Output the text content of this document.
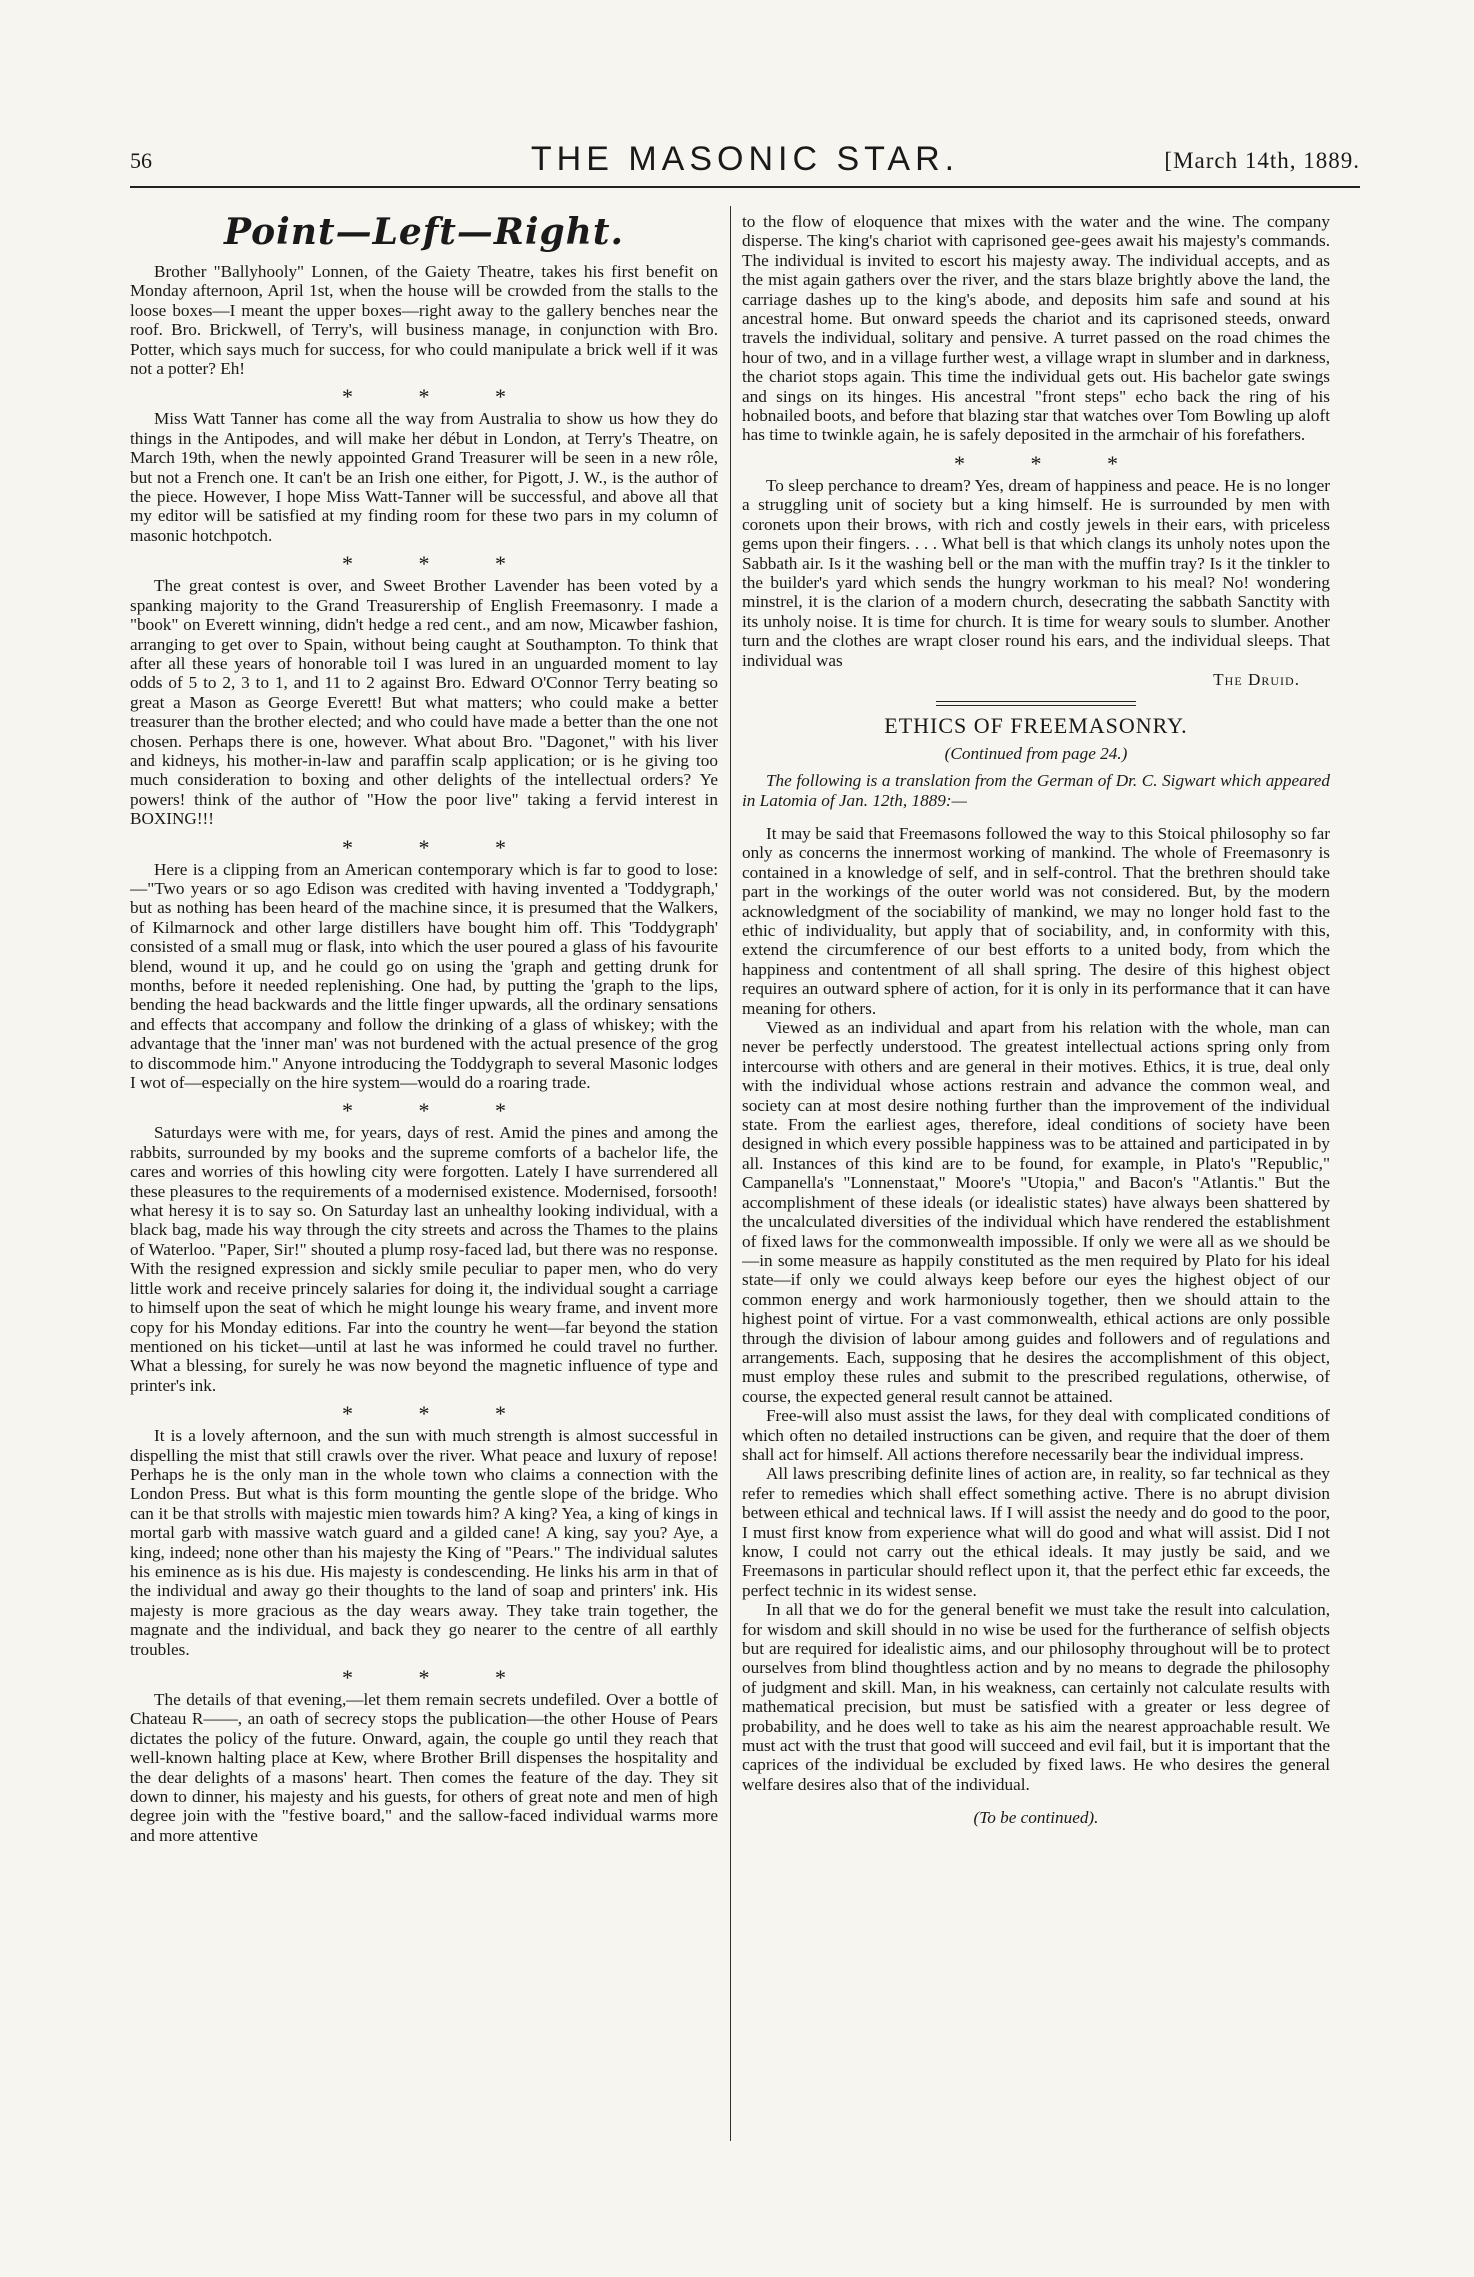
56	THE MASONIC STAR.	[March 14th, 1889.
Point—Left—Right.

Brother "Ballyhooly" Lonnen, of the Gaiety Theatre, takes his first benefit on Monday afternoon, April 1st, when the house will be crowded from the stalls to the loose boxes—I meant the upper boxes—right away to the gallery benches near the roof. Bro. Brickwell, of Terry's, will business manage, in conjunction with Bro. Potter, which says much for success, for who could manipulate a brick well if it was not a potter? Eh!

* * *

Miss Watt Tanner has come all the way from Australia to show us how they do things in the Antipodes, and will make her début in London, at Terry's Theatre, on March 19th, when the newly appointed Grand Treasurer will be seen in a new rôle, but not a French one. It can't be an Irish one either, for Pigott, J. W., is the author of the piece. However, I hope Miss Watt-Tanner will be successful, and above all that my editor will be satisfied at my finding room for these two pars in my column of masonic hotchpotch.

* * *

The great contest is over, and Sweet Brother Lavender has been voted by a spanking majority to the Grand Treasurership of English Freemasonry. I made a "book" on Everett winning, didn't hedge a red cent., and am now, Micawber fashion, arranging to get over to Spain, without being caught at Southampton. To think that after all these years of honorable toil I was lured in an unguarded moment to lay odds of 5 to 2, 3 to 1, and 11 to 2 against Bro. Edward O'Connor Terry beating so great a Mason as George Everett! But what matters; who could make a better treasurer than the brother elected; and who could have made a better than the one not chosen. Perhaps there is one, however. What about Bro. "Dagonet," with his liver and kidneys, his mother-in-law and paraffin scalp application; or is he giving too much consideration to boxing and other delights of the intellectual orders? Ye powers! think of the author of "How the poor live" taking a fervid interest in BOXING!!!

* * *

Here is a clipping from an American contemporary which is far to good to lose:—"Two years or so ago Edison was credited with having invented a 'Toddygraph,' but as nothing has been heard of the machine since, it is presumed that the Walkers, of Kilmarnock and other large distillers have bought him off. This 'Toddygraph' consisted of a small mug or flask, into which the user poured a glass of his favourite blend, wound it up, and he could go on using the 'graph and getting drunk for months, before it needed replenishing. One had, by putting the 'graph to the lips, bending the head backwards and the little finger upwards, all the ordinary sensations and effects that accompany and follow the drinking of a glass of whiskey; with the advantage that the 'inner man' was not burdened with the actual presence of the grog to discommode him." Anyone introducing the Toddygraph to several Masonic lodges I wot of—especially on the hire system—would do a roaring trade.

* * *

Saturdays were with me, for years, days of rest. Amid the pines and among the rabbits, surrounded by my books and the supreme comforts of a bachelor life, the cares and worries of this howling city were forgotten. Lately I have surrendered all these pleasures to the requirements of a modernised existence. Modernised, forsooth! what heresy it is to say so. On Saturday last an unhealthy looking individual, with a black bag, made his way through the city streets and across the Thames to the plains of Waterloo. "Paper, Sir!" shouted a plump rosy-faced lad, but there was no response. With the resigned expression and sickly smile peculiar to paper men, who do very little work and receive princely salaries for doing it, the individual sought a carriage to himself upon the seat of which he might lounge his weary frame, and invent more copy for his Monday editions. Far into the country he went—far beyond the station mentioned on his ticket—until at last he was informed he could travel no further. What a blessing, for surely he was now beyond the magnetic influence of type and printer's ink.

* * *

It is a lovely afternoon, and the sun with much strength is almost successful in dispelling the mist that still crawls over the river. What peace and luxury of repose! Perhaps he is the only man in the whole town who claims a connection with the London Press. But what is this form mounting the gentle slope of the bridge. Who can it be that strolls with majestic mien towards him? A king? Yea, a king of kings in mortal garb with massive watch guard and a gilded cane! A king, say you? Aye, a king, indeed; none other than his majesty the King of "Pears." The individual salutes his eminence as is his due. His majesty is condescending. He links his arm in that of the individual and away go their thoughts to the land of soap and printers' ink. His majesty is more gracious as the day wears away. They take train together, the magnate and the individual, and back they go nearer to the centre of all earthly troubles.

* * *

The details of that evening,—let them remain secrets undefiled. Over a bottle of Chateau R——, an oath of secrecy stops the publication—the other House of Pears dictates the policy of the future. Onward, again, the couple go until they reach that well-known halting place at Kew, where Brother Brill dispenses the hospitality and the dear delights of a masons' heart. Then comes the feature of the day. They sit down to dinner, his majesty and his guests, for others of great note and men of high degree join with the "festive board," and the sallow-faced individual warms more and more attentive

to the flow of eloquence that mixes with the water and the wine. The company disperse. The king's chariot with caprisoned gee-gees await his majesty's commands. The individual is invited to escort his majesty away. The individual accepts, and as the mist again gathers over the river, and the stars blaze brightly above the land, the carriage dashes up to the king's abode, and deposits him safe and sound at his ancestral home. But onward speeds the chariot and its caprisoned steeds, onward travels the individual, solitary and pensive. A turret passed on the road chimes the hour of two, and in a village further west, a village wrapt in slumber and in darkness, the chariot stops again. This time the individual gets out. His bachelor gate swings and sings on its hinges. His ancestral "front steps" echo back the ring of his hobnailed boots, and before that blazing star that watches over Tom Bowling up aloft has time to twinkle again, he is safely deposited in the armchair of his forefathers.

* * *

To sleep perchance to dream? Yes, dream of happiness and peace. He is no longer a struggling unit of society but a king himself. He is surrounded by men with coronets upon their brows, with rich and costly jewels in their ears, with priceless gems upon their fingers. . . . What bell is that which clangs its unholy notes upon the Sabbath air. Is it the washing bell or the man with the muffin tray? Is it the tinkler to the builder's yard which sends the hungry workman to his meal? No! wondering minstrel, it is the clarion of a modern church, desecrating the sabbath Sanctity with its unholy noise. It is time for church. It is time for weary souls to slumber. Another turn and the clothes are wrapt closer round his ears, and the individual sleeps. That individual was

The Druid.
ETHICS OF FREEMASONRY.
(Continued from page 24.)

The following is a translation from the German of Dr. C. Sigwart which appeared in Latomia of Jan. 12th, 1889:—

It may be said that Freemasons followed the way to this Stoical philosophy so far only as concerns the innermost working of mankind. The whole of Freemasonry is contained in a knowledge of self, and in self-control. That the brethren should take part in the workings of the outer world was not considered. But, by the modern acknowledgment of the sociability of mankind, we may no longer hold fast to the ethic of individuality, but apply that of sociability, and, in conformity with this, extend the circumference of our best efforts to a united body, from which the happiness and contentment of all shall spring. The desire of this highest object requires an outward sphere of action, for it is only in its performance that it can have meaning for others.

Viewed as an individual and apart from his relation with the whole, man can never be perfectly understood. The greatest intellectual actions spring only from intercourse with others and are general in their motives. Ethics, it is true, deal only with the individual whose actions restrain and advance the common weal, and society can at most desire nothing further than the improvement of the individual state. From the earliest ages, therefore, ideal conditions of society have been designed in which every possible happiness was to be attained and participated in by all. Instances of this kind are to be found, for example, in Plato's "Republic," Campanella's "Lonnenstaat," Moore's "Utopia," and Bacon's "Atlantis." But the accomplishment of these ideals (or idealistic states) have always been shattered by the uncalculated diversities of the individual which have rendered the establishment of fixed laws for the commonwealth impossible. If only we were all as we should be—in some measure as happily constituted as the men required by Plato for his ideal state—if only we could always keep before our eyes the highest object of our common energy and work harmoniously together, then we should attain to the highest point of virtue. For a vast commonwealth, ethical actions are only possible through the division of labour among guides and followers and of regulations and arrangements. Each, supposing that he desires the accomplishment of this object, must employ these rules and submit to the prescribed regulations, otherwise, of course, the expected general result cannot be attained.

Free-will also must assist the laws, for they deal with complicated conditions of which often no detailed instructions can be given, and require that the doer of them shall act for himself. All actions therefore necessarily bear the individual impress.

All laws prescribing definite lines of action are, in reality, so far technical as they refer to remedies which shall effect something active. There is no abrupt division between ethical and technical laws. If I will assist the needy and do good to the poor, I must first know from experience what will do good and what will assist. Did I not know, I could not carry out the ethical ideals. It may justly be said, and we Freemasons in particular should reflect upon it, that the perfect ethic far exceeds, the perfect technic in its widest sense.

In all that we do for the general benefit we must take the result into calculation, for wisdom and skill should in no wise be used for the furtherance of selfish objects but are required for idealistic aims, and our philosophy throughout will be to protect ourselves from blind thoughtless action and by no means to degrade the philosophy of judgment and skill. Man, in his weakness, can certainly not calculate results with mathematical precision, but must be satisfied with a greater or less degree of probability, and he does well to take as his aim the nearest approachable result. We must act with the trust that good will succeed and evil fail, but it is important that the caprices of the individual be excluded by fixed laws. He who desires the general welfare desires also that of the individual.

(To be continued).
